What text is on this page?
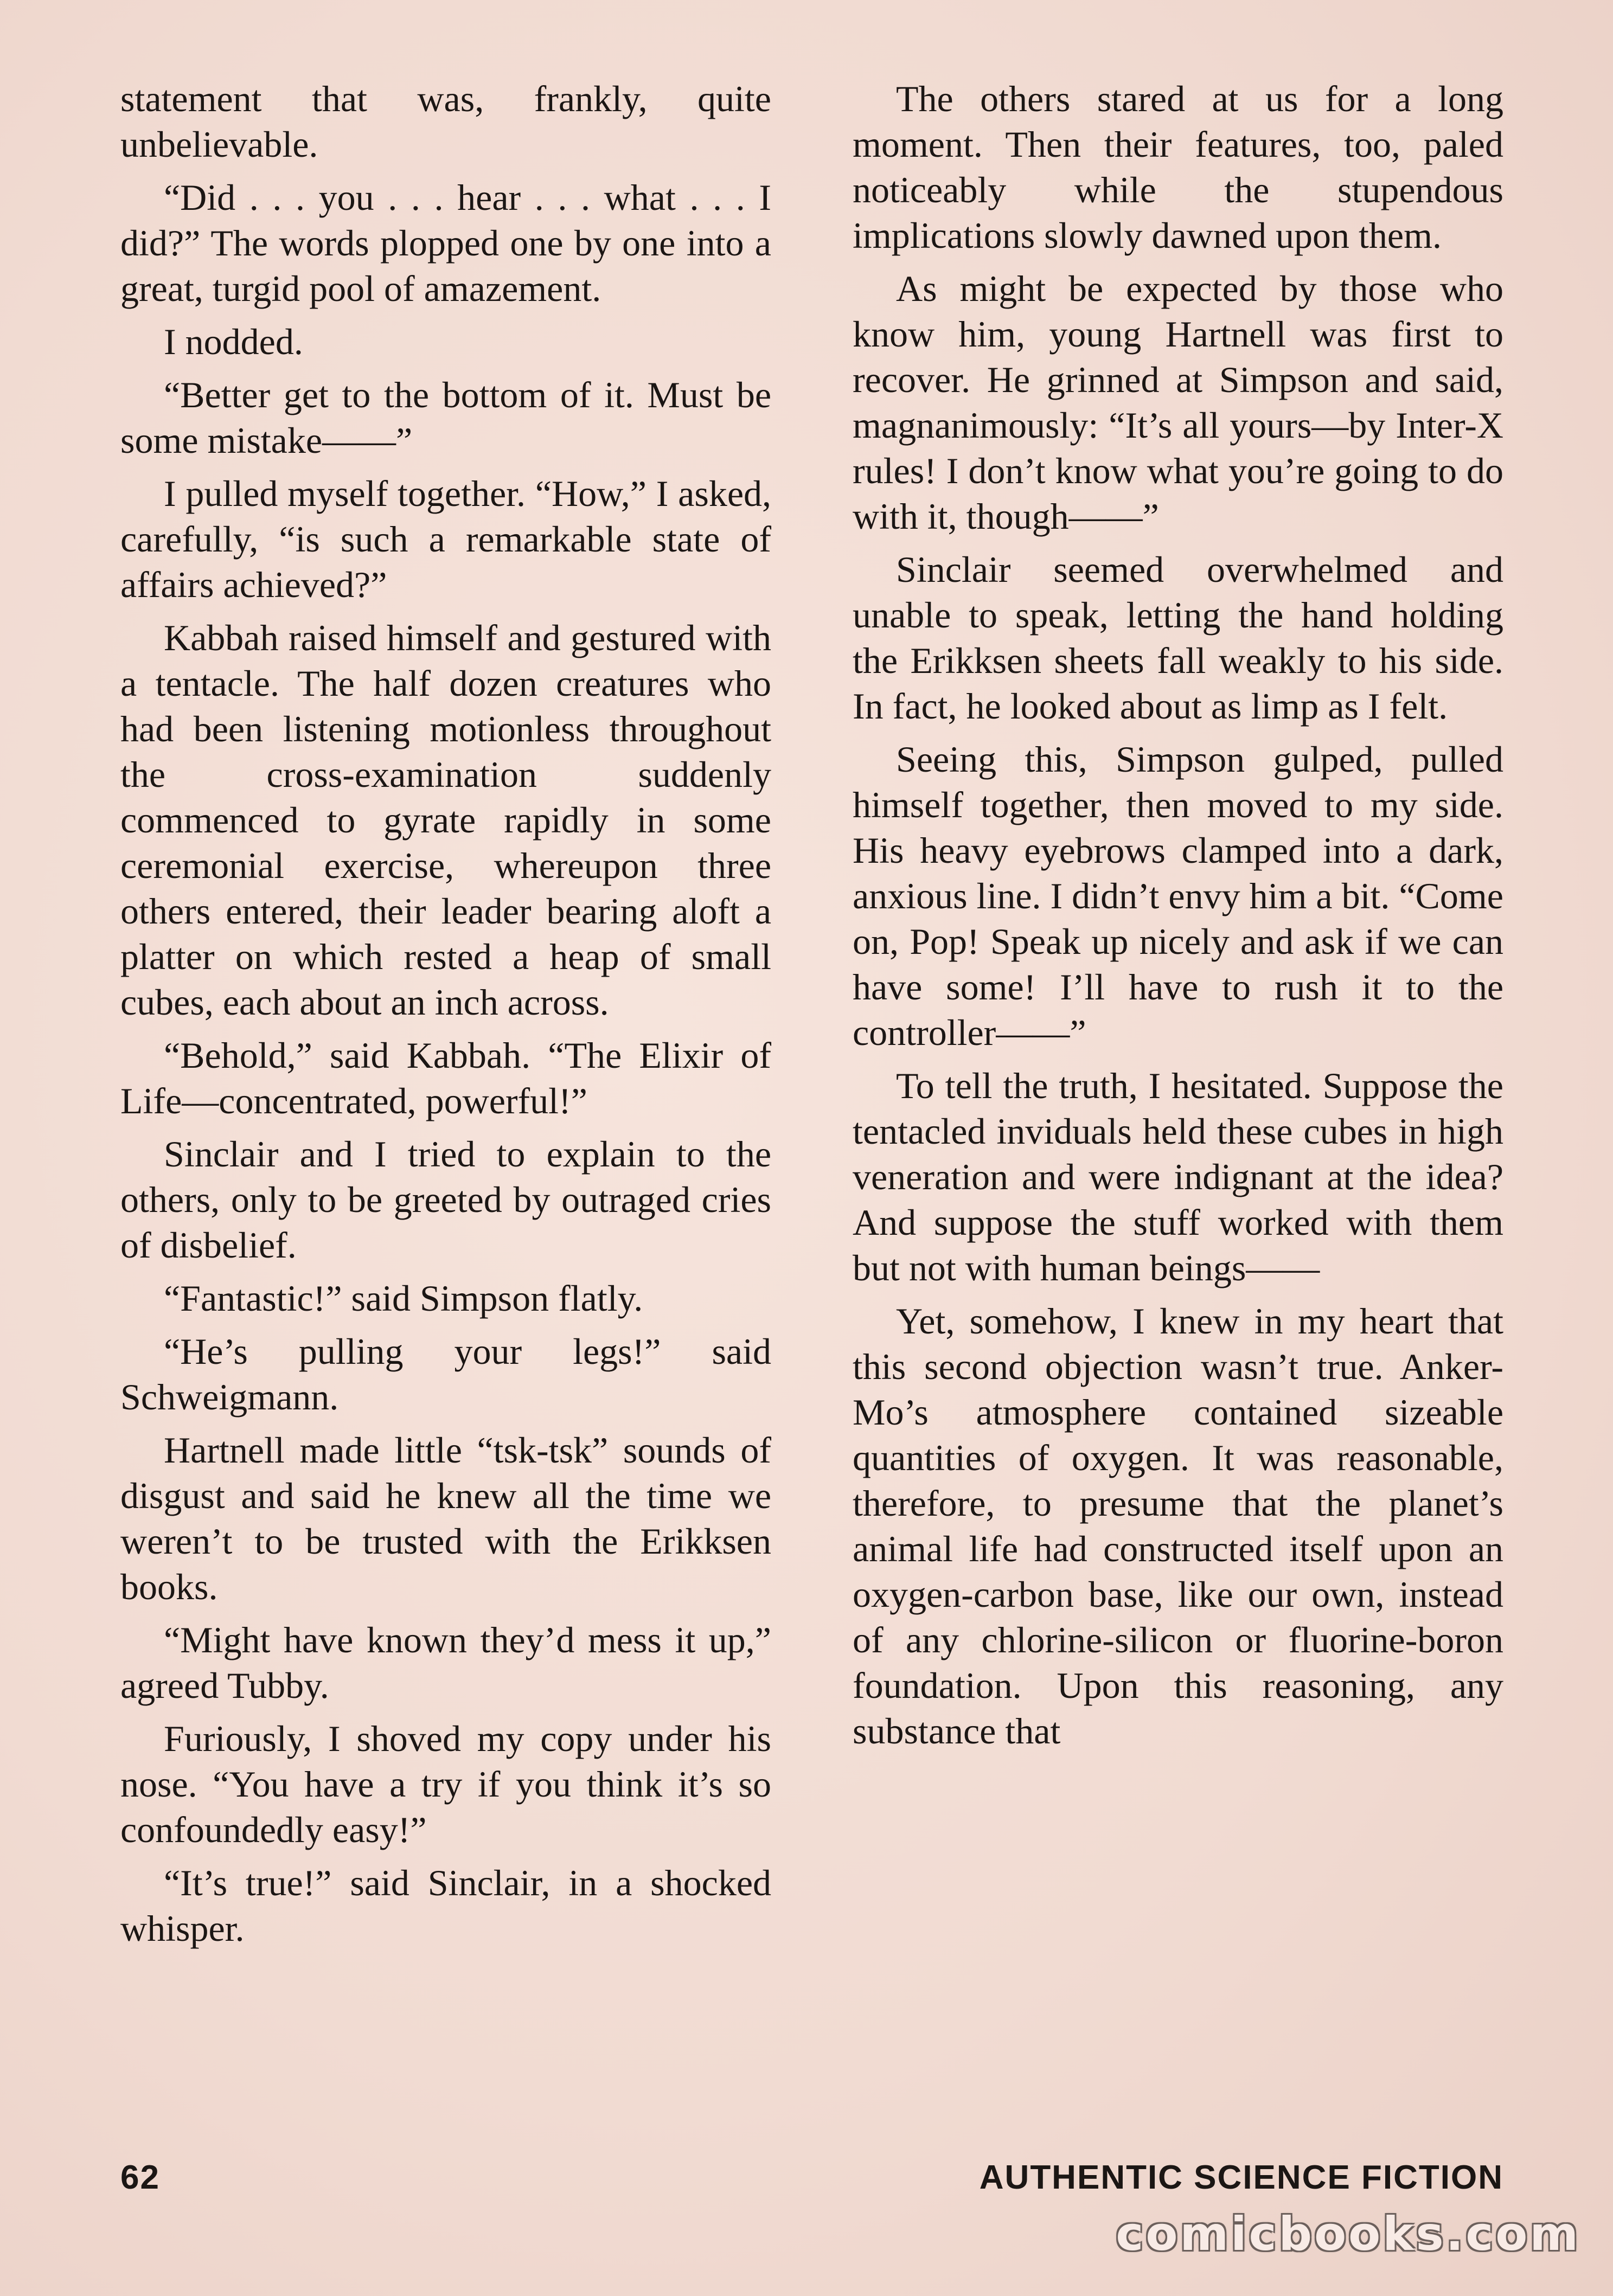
statement that was, frankly, quite unbelievable.

“Did . . . you . . . hear . . . what . . . I did?” The words plopped one by one into a great, turgid pool of amazement.

I nodded.

“Better get to the bottom of it. Must be some mistake——”

I pulled myself together. “How,” I asked, carefully, “is such a remarkable state of affairs achieved?”

Kabbah raised himself and gestured with a tentacle. The half dozen creatures who had been listening motionless throughout the cross-examination suddenly commenced to gyrate rapidly in some ceremonial exercise, whereupon three others entered, their leader bearing aloft a platter on which rested a heap of small cubes, each about an inch across.

“Behold,” said Kabbah. “The Elixir of Life—concentrated, powerful!”

Sinclair and I tried to explain to the others, only to be greeted by outraged cries of disbelief.

“Fantastic!” said Simpson flatly.

“He’s pulling your legs!” said Schweigmann.

Hartnell made little “tsk-tsk” sounds of disgust and said he knew all the time we weren’t to be trusted with the Erikksen books.

“Might have known they’d mess it up,” agreed Tubby.

Furiously, I shoved my copy under his nose. “You have a try if you think it’s so confoundedly easy!”

“It’s true!” said Sinclair, in a shocked whisper.

The others stared at us for a long moment. Then their features, too, paled noticeably while the stupendous implications slowly dawned upon them.

As might be expected by those who know him, young Hartnell was first to recover. He grinned at Simpson and said, magnanimously: “It’s all yours—by Inter-X rules! I don’t know what you’re going to do with it, though——”

Sinclair seemed overwhelmed and unable to speak, letting the hand holding the Erikksen sheets fall weakly to his side. In fact, he looked about as limp as I felt.

Seeing this, Simpson gulped, pulled himself together, then moved to my side. His heavy eyebrows clamped into a dark, anxious line. I didn’t envy him a bit. “Come on, Pop! Speak up nicely and ask if we can have some! I’ll have to rush it to the controller——”

To tell the truth, I hesitated. Suppose the tentacled inviduals held these cubes in high veneration and were indignant at the idea? And suppose the stuff worked with them but not with human beings——

Yet, somehow, I knew in my heart that this second objection wasn’t true. Anker-Mo’s atmosphere contained sizeable quantities of oxygen. It was reasonable, therefore, to presume that the planet’s animal life had constructed itself upon an oxygen-carbon base, like our own, instead of any chlorine-silicon or fluorine-boron foundation. Upon this reasoning, any substance that

62	AUTHENTIC SCIENCE FICTION
comicbooks.com
